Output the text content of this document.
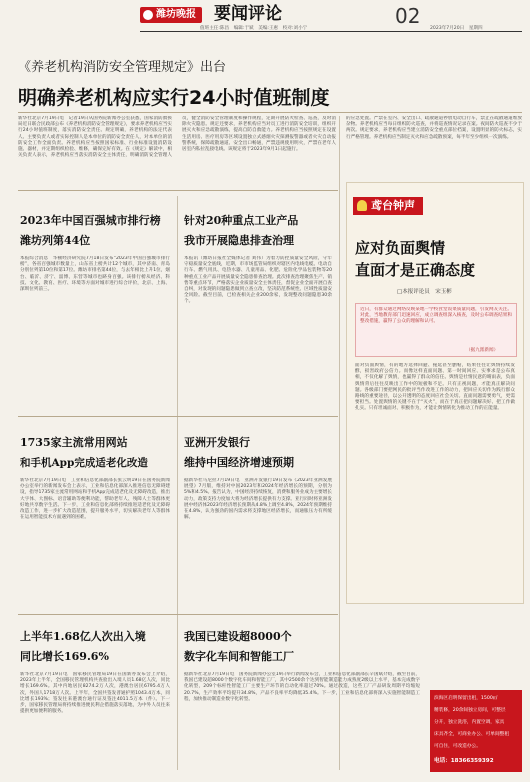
潍坊晚报 要闻评论	02
值班主任:陈昌　编辑:于斌　美编:王惠　校对:刘小宁	2023年7月20日　星期四
《养老机构消防安全管理规定》出台
明确养老机构应实行24小时值班制度
新华社北京7月19日电　记者19日从国务院新闻办公室获悉，国家消防救援局近日联合民政部公布《养老机构消防安全管理规定》，要求养老机构应当实行24小时值班制度，落实消防安全责任。规定明确，养老机构的法定代表人、主要负责人或者实际控制人是本单位的消防安全责任人，对本单位的消防安全工作全面负责。养老机构应当按照国家标准、行业标准设置消防设施、器材，并定期组织检验、维修，确保完好有效。在《规定》解读中，相关负责人表示，养老机构应当落实消防安全主体责任，明确消防安全管理人员，健全消防安全管理制度和操作规程，定期开展防火检查、巡查，及时消除火灾隐患。规定还要求，养老机构应当对员工进行消防安全培训，组织开展灭火和应急疏散演练，提高自防自救能力。养老机构应当按照规定在设置生活用房、医疗用房等区域设置独立式感烟火灾探测报警器或者火灾自动报警系统，保障疏散通道、安全出口畅通，严禁违规使用明火，严禁在老年人居室内私拉乱接电线。该规定将于2023年9月1日起施行。
的应急处置。严禁在室内、安全出口、疏散通道停放电动自行车，禁止在疏散通道堆放杂物。养老机构应当每日组织防火巡查，并将巡查情况记录在案。夜间防火巡查不少于两次。规定要求，养老机构应当建立消防安全重点部位档案，设置明显的防火标志，实行严格管理。养老机构应当制定灭火和应急疏散预案，每半年至少组织一次演练。
鸢台钟声
应对负面舆情
直面才是正确态度
□本报评论员　宋玉彬
近日，有群众通过网络反映某地一学校食堂饭菜质量问题，引发网友关注。对此，当地教育部门迅速回应，成立调查组深入核查，及时公布调查结果和整改措施，赢得了公众的理解和认可。
（据九派新闻）
面对负面舆情，有的地方选择回避、拖延甚至删帖，结果往往让舆情持续发酵，损害政府公信力。而像这样直面问题、第一时间回应、实事求是公布真相，不仅化解了舆情，也赢得了群众的信任。舆情是社情民意的晴雨表，负面舆情背后往往反映出工作中的短板和不足。只有正视问题，才能真正解决问题。各级部门要把网民的批评当作改进工作的动力，把回应关切作为践行群众路线的重要途径，以公开透明的态度回应社会关切。直面问题需要勇气，更需要担当。处置舆情的关键不在于“灭火”，而在于真正把问题解决好、把工作做扎实。只有坦诚面对、积极作为，才能让舆情转化为推动工作的正能量。
滨海区启明保留出租，1500㎡
精装修，20余间独立房间，可整层
分开，独立洗浴，内置空调，家具
床具齐全，可商业办公、可单间整租
可自住，可改造办公。
电话：18366359392
2023年中国百强城市排行榜
潍坊列第44位
本报综合消息　华顿经济研究院7月18日发布“2023年中国百强城市排行榜”，各省百强城市数量上，山东省上榜共计12个城市，其中济南、青岛分别位列第10位和第17位。潍坊市排名第44位，与去年相比上升1位，烟台、临沂、济宁、淄博、东营等城市也跻身百强。该排行榜从经济、科技、文化、教育、医疗、环境等方面对城市进行综合评价，北京、上海、深圳位列前三。
针对20种重点工业产品
我市开展隐患排查治理
本报讯（潍坊日报社全媒体记者 刘伟）为着力防控质量安全风险，守牢守稳质量安全底线，近期，市市场监管局组织对辖区内电线电缆、电动自行车、燃气用具、电热水器、儿童用品、化肥、危险化学品包装物等20种重点工业产品开展质量安全隐患排查治理。此次排查治理聚焦生产、销售等重点环节，严格落实企业质量安全主体责任，督促企业全面开展自查自纠，对发现的问题隐患做到立查立改，坚决防范系统性、区域性质量安全风险。截至目前，已检查相关企业200余家，发现整改问题隐患30余个。
1735家主流常用网站
和手机App完成适老化改造
新华社北京7月19日电　工业和信息化部副部长张云明19日在国务院新闻办公室举行的新闻发布会上表示，工业和信息化部深入推进信息无障碍建设，指导1735家主流常用网站和手机App完成适老化及无障碍改造，推出大字体、大图标、语音辅助等便利功能，帮助老年人、残障人士等群体更好地共享数字生活。下一步，工业和信息化部将持续推进适老化及无障碍改造工作，进一步扩大改造范围，提升服务水平，切实解决老年人等群体在运用智能技术方面遇到的困难。
亚洲开发银行
维持中国经济增速预期
据新华社马尼拉7月19日电　亚洲开发银行19日发布《2023年亚洲发展展望》7月版，维持对中国2023年和2024年经济增长的预期，分别为5%和4.5%。报告认为，中国经济持续恢复，消费和服务业成为主要增长动力，政策支持力度加大将为经济增长提供有力支撑。亚行同时将亚洲发展中经济体2023年经济增长预期从4.8%上调至4.8%，2024年预期维持在4.8%，认为强劲的国内需求将支撑地区经济增长，而通胀压力有所缓解。
上半年1.68亿人次出入境
同比增长169.6%
新华社北京7月19日电　国家移民管理局19日在国新办发布会上介绍，2023年上半年，全国移民管理机构共查验出入境人员1.68亿人次，同比增长169.6%。其中内地居民8274.2万人次，港澳台居民6795.4万人次，外国人1718万人次。上半年，全国共签发普通护照1043.4万本，同比增长193%；签发往来港澳台通行证及签注4011.5万本（件）。下一步，国家移民管理局将持续推进便民利企措施落实落地，为中外人员往来提供更加便利的服务。
我国已建设超8000个
数字化车间和智能工厂
据新华社北京7月19日电　国务院新闻办公室19日举行新闻发布会，工业和信息化部副部长辛国斌介绍，截至目前，我国已建设超8000个数字化车间和智能工厂，其中2500余个达到智能制造能力成熟度2级以上水平，基本完成数字化转型，209个标杆性智能工厂主要生产环节的自动化率超过70%。通过改造，这些工厂产品研发周期平均缩短20.7%，生产效率平均提升34.8%，产品不良率平均降低35.4%。下一步，工业和信息化部将深入实施智能制造工程，加快推动制造业数字化转型。
